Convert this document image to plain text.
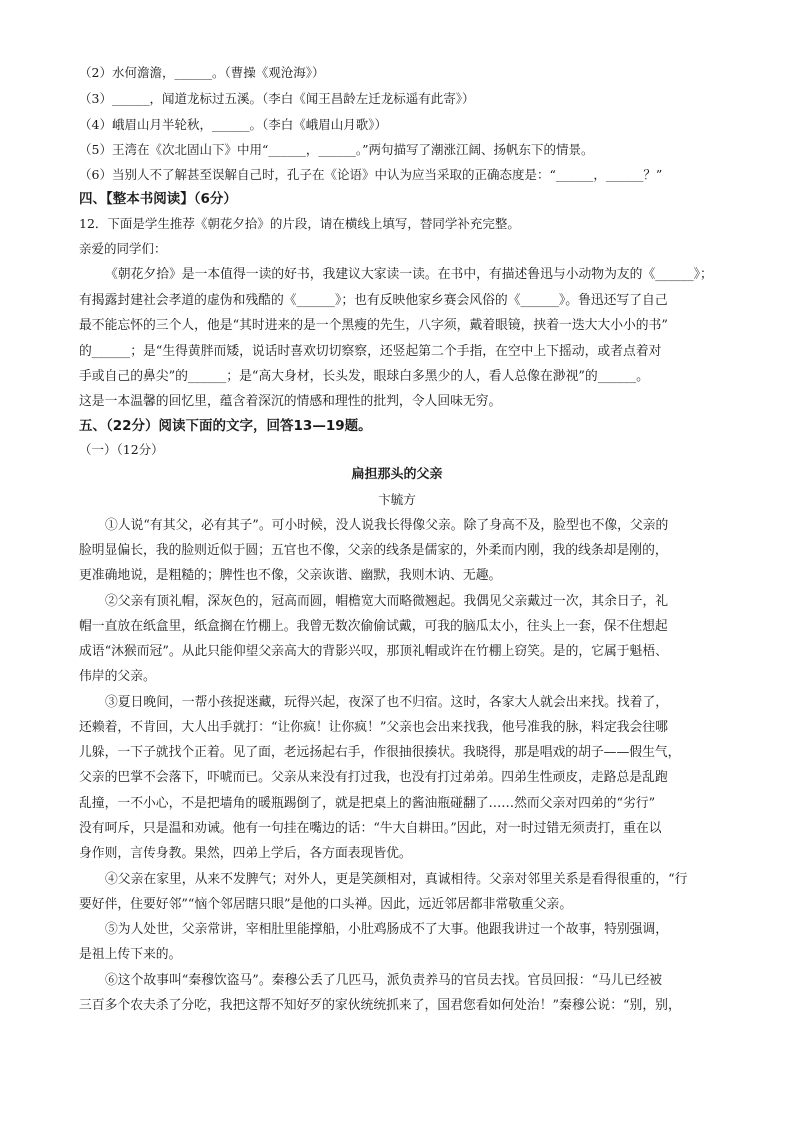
（2）水何澹澹，______。（曹操《观沧海》）
（3）______，闻道龙标过五溪。（李白《闻王昌龄左迁龙标遥有此寄》）
（4）峨眉山月半轮秋，______。（李白《峨眉山月歌》）
（5）王湾在《次北固山下》中用“______，______。”两句描写了潮涨江阔、扬帆东下的情景。
（6）当别人不了解甚至误解自己时，孔子在《论语》中认为应当采取的正确态度是：“______，______？”
四、【整本书阅读】（6分）
12．下面是学生推荐《朝花夕拾》的片段，请在横线上填写，替同学补充完整。
亲爱的同学们：
《朝花夕拾》是一本值得一读的好书，我建议大家读一读。在书中，有描述鲁迅与小动物为友的《______》；
有揭露封建社会孝道的虚伪和残酷的《______》；也有反映他家乡赛会风俗的《______》。鲁迅还写了自己
最不能忘怀的三个人，他是“其时进来的是一个黑瘦的先生，八字须，戴着眼镜，挟着一迭大大小小的书”
的______；是“生得黄胖而矮，说话时喜欢切切察察，还竖起第二个手指，在空中上下摇动，或者点着对
手或自己的鼻尖”的______；是“高大身材，长头发，眼球白多黑少的人，看人总像在渺视”的______。
这是一本温馨的回忆里，蕴含着深沉的情感和理性的批判，令人回味无穷。
五、（22分）阅读下面的文字，回答13—19题。
（一）（12分）
扁担那头的父亲
卞毓方
①人说“有其父，必有其子”。可小时候，没人说我长得像父亲。除了身高不及，脸型也不像，父亲的
脸明显偏长，我的脸则近似于圆；五官也不像，父亲的线条是儒家的，外柔而内刚，我的线条却是刚的，
更准确地说，是粗糙的；脾性也不像，父亲诙谐、幽默，我则木讷、无趣。
②父亲有顶礼帽，深灰色的，冠高而圆，帽檐宽大而略微翘起。我偶见父亲戴过一次，其余日子，礼
帽一直放在纸盒里，纸盒搁在竹棚上。我曾无数次偷偷试戴，可我的脑瓜太小，往头上一套，保不住想起
成语“沐猴而冠”。从此只能仰望父亲高大的背影兴叹，那顶礼帽或许在竹棚上窃笑。是的，它属于魁梧、
伟岸的父亲。
③夏日晚间，一帮小孩捉迷藏，玩得兴起，夜深了也不归宿。这时，各家大人就会出来找。找着了，
还赖着，不肯回，大人出手就打：“让你疯！让你疯！”父亲也会出来找我，他号准我的脉，料定我会往哪
儿躲，一下子就找个正着。见了面，老远扬起右手，作很抽很揍状。我晓得，那是唱戏的胡子——假生气，
父亲的巴掌不会落下，吓唬而已。父亲从来没有打过我，也没有打过弟弟。四弟生性顽皮，走路总是乱跑
乱撞，一不小心，不是把墙角的暖瓶踢倒了，就是把桌上的酱油瓶碰翻了……然而父亲对四弟的“劣行”
没有呵斥，只是温和劝诫。他有一句挂在嘴边的话：“牛大自耕田。”因此，对一时过错无须责打，重在以
身作则，言传身教。果然，四弟上学后，各方面表现皆优。
④父亲在家里，从来不发脾气；对外人，更是笑颜相对，真诚相待。父亲对邻里关系是看得很重的，“行
要好伴，住要好邻”“恼个邻居瞎只眼”是他的口头禅。因此，远近邻居都非常敬重父亲。
⑤为人处世，父亲常讲，宰相肚里能撑船，小肚鸡肠成不了大事。他跟我讲过一个故事，特别强调，
是祖上传下来的。
⑥这个故事叫“秦穆饮盗马”。秦穆公丢了几匹马，派负责养马的官员去找。官员回报：“马儿已经被
三百多个农夫杀了分吃，我把这帮不知好歹的家伙统统抓来了，国君您看如何处治！”秦穆公说：“别，别，
